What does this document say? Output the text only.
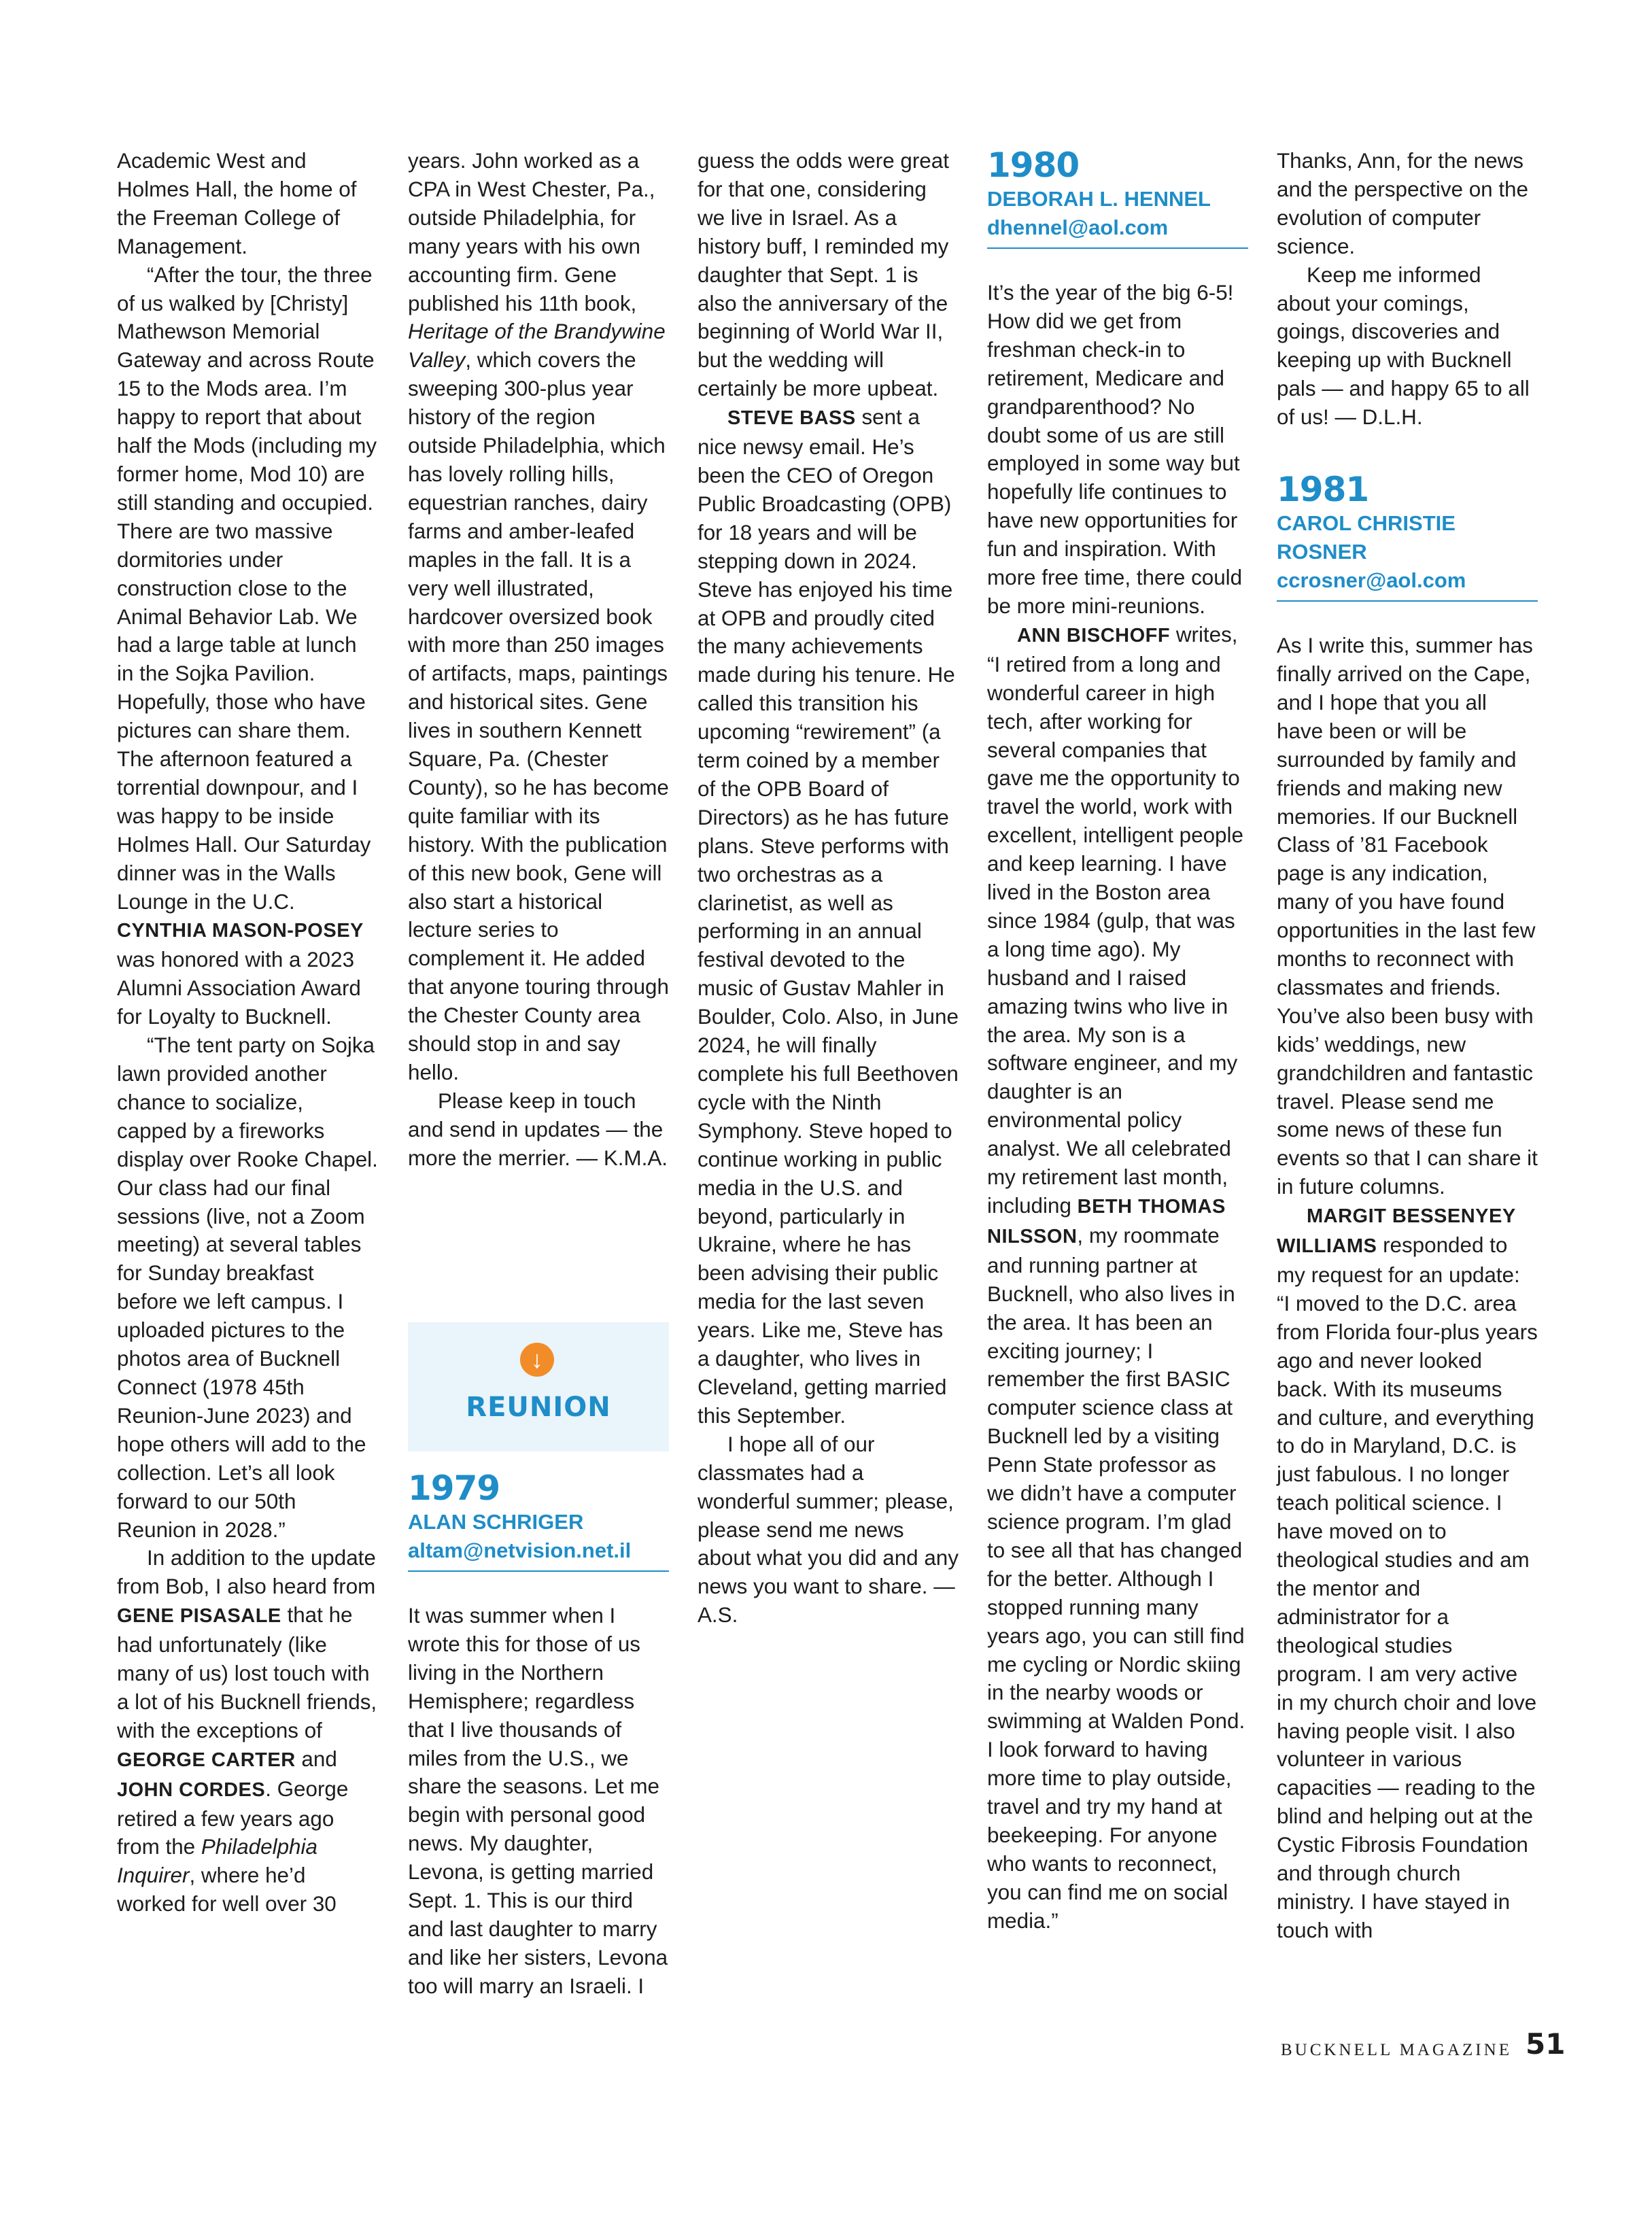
Academic West and Holmes Hall, the home of the Freeman College of Management.

“After the tour, the three of us walked by [Christy] Mathewson Memorial Gateway and across Route 15 to the Mods area. I’m happy to report that about half the Mods (including my former home, Mod 10) are still standing and occupied. There are two massive dormitories under construction close to the Animal Behavior Lab. We had a large table at lunch in the Sojka Pavilion. Hopefully, those who have pictures can share them. The afternoon featured a torrential downpour, and I was happy to be inside Holmes Hall. Our Saturday dinner was in the Walls Lounge in the U.C. CYNTHIA MASON-POSEY was honored with a 2023 Alumni Association Award for Loyalty to Bucknell.

“The tent party on Sojka lawn provided another chance to socialize, capped by a fireworks display over Rooke Chapel. Our class had our final sessions (live, not a Zoom meeting) at several tables for Sunday breakfast before we left campus. I uploaded pictures to the photos area of Bucknell Connect (1978 45th Reunion-June 2023) and hope others will add to the collection. Let’s all look forward to our 50th Reunion in 2028.”

In addition to the update from Bob, I also heard from GENE PISASALE that he had unfortunately (like many of us) lost touch with a lot of his Bucknell friends, with the exceptions of GEORGE CARTER and JOHN CORDES. George retired a few years ago from the Philadelphia Inquirer, where he’d worked for well over 30

years. John worked as a CPA in West Chester, Pa., outside Philadelphia, for many years with his own accounting firm. Gene published his 11th book, Heritage of the Brandywine Valley, which covers the sweeping 300-plus year history of the region outside Philadelphia, which has lovely rolling hills, equestrian ranches, dairy farms and amber-leafed maples in the fall. It is a very well illustrated, hardcover oversized book with more than 250 images of artifacts, maps, paintings and historical sites. Gene lives in southern Kennett Square, Pa. (Chester County), so he has become quite familiar with its history. With the publication of this new book, Gene will also start a historical lecture series to complement it. He added that anyone touring through the Chester County area should stop in and say hello.

Please keep in touch and send in updates — the more the merrier. — K.M.A.

↓
REUNION
1979
ALAN SCHRIGER
altam@netvision.net.il

It was summer when I wrote this for those of us living in the Northern Hemisphere; regardless that I live thousands of miles from the U.S., we share the seasons. Let me begin with personal good news. My daughter, Levona, is getting married Sept. 1. This is our third and last daughter to marry and like her sisters, Levona too will marry an Israeli. I

guess the odds were great for that one, considering we live in Israel. As a history buff, I reminded my daughter that Sept. 1 is also the anniversary of the beginning of World War II, but the wedding will certainly be more upbeat.

STEVE BASS sent a nice newsy email. He’s been the CEO of Oregon Public Broadcasting (OPB) for 18 years and will be stepping down in 2024. Steve has enjoyed his time at OPB and proudly cited the many achievements made during his tenure. He called this transition his upcoming “rewirement” (a term coined by a member of the OPB Board of Directors) as he has future plans. Steve performs with two orchestras as a clarinetist, as well as performing in an annual festival devoted to the music of Gustav Mahler in Boulder, Colo. Also, in June 2024, he will finally complete his full Beethoven cycle with the Ninth Symphony. Steve hoped to continue working in public media in the U.S. and beyond, particularly in Ukraine, where he has been advising their public media for the last seven years. Like me, Steve has a daughter, who lives in Cleveland, getting married this September.

I hope all of our classmates had a wonderful summer; please, please send me news about what you did and any news you want to share. — A.S.

1980
DEBORAH L. HENNEL
dhennel@aol.com

It’s the year of the big 6-5! How did we get from freshman check-in to retirement, Medicare and grandparenthood? No doubt some of us are still employed in some way but hopefully life continues to have new opportunities for fun and inspiration. With more free time, there could be more mini-reunions.

ANN BISCHOFF writes, “I retired from a long and wonderful career in high tech, after working for several companies that gave me the opportunity to travel the world, work with excellent, intelligent people and keep learning. I have lived in the Boston area since 1984 (gulp, that was a long time ago). My husband and I raised amazing twins who live in the area. My son is a software engineer, and my daughter is an environmental policy analyst. We all celebrated my retirement last month, including BETH THOMAS NILSSON, my roommate and running partner at Bucknell, who also lives in the area. It has been an exciting journey; I remember the first BASIC computer science class at Bucknell led by a visiting Penn State professor as we didn’t have a computer science program. I’m glad to see all that has changed for the better. Although I stopped running many years ago, you can still find me cycling or Nordic skiing in the nearby woods or swimming at Walden Pond. I look forward to having more time to play outside, travel and try my hand at beekeeping. For anyone who wants to reconnect, you can find me on social media.”

Thanks, Ann, for the news and the perspective on the evolution of computer science.

Keep me informed about your comings, goings, discoveries and keeping up with Bucknell pals — and happy 65 to all of us! — D.L.H.

1981
CAROL CHRISTIE ROSNER
ccrosner@aol.com

As I write this, summer has finally arrived on the Cape, and I hope that you all have been or will be surrounded by family and friends and making new memories. If our Bucknell Class of ’81 Facebook page is any indication, many of you have found opportunities in the last few months to reconnect with classmates and friends. You’ve also been busy with kids’ weddings, new grandchildren and fantastic travel. Please send me some news of these fun events so that I can share it in future columns.

MARGIT BESSENYEY WILLIAMS responded to my request for an update: “I moved to the D.C. area from Florida four-plus years ago and never looked back. With its museums and culture, and everything to do in Maryland, D.C. is just fabulous. I no longer teach political science. I have moved on to theological studies and am the mentor and administrator for a theological studies program. I am very active in my church choir and love having people visit. I also volunteer in various capacities — reading to the blind and helping out at the Cystic Fibrosis Foundation and through church ministry. I have stayed in touch with

BUCKNELL MAGAZINE 51
